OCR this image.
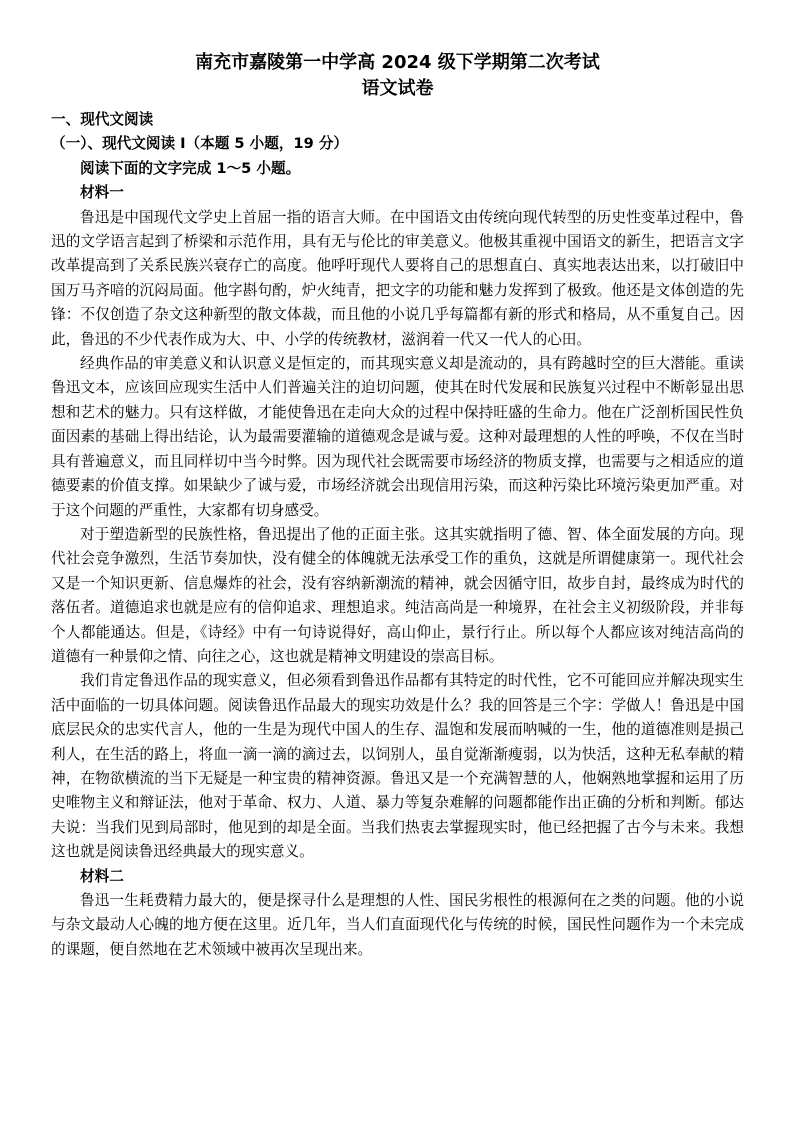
南充市嘉陵第一中学高 2024 级下学期第二次考试
语文试卷

一、现代文阅读

（一）、现代文阅读 I（本题 5 小题，19 分）

阅读下面的文字完成 1～5 小题。

材料一

鲁迅是中国现代文学史上首屈一指的语言大师。在中国语文由传统向现代转型的历史性变革过程中，鲁迅的文学语言起到了桥梁和示范作用，具有无与伦比的审美意义。他极其重视中国语文的新生，把语言文字改革提高到了关系民族兴衰存亡的高度。他呼吁现代人要将自己的思想直白、真实地表达出来，以打破旧中国万马齐喑的沉闷局面。他字斟句酌，炉火纯青，把文字的功能和魅力发挥到了极致。他还是文体创造的先锋：不仅创造了杂文这种新型的散文体裁，而且他的小说几乎每篇都有新的形式和格局，从不重复自己。因此，鲁迅的不少代表作成为大、中、小学的传统教材，滋润着一代又一代人的心田。

经典作品的审美意义和认识意义是恒定的，而其现实意义却是流动的，具有跨越时空的巨大潜能。重读鲁迅文本，应该回应现实生活中人们普遍关注的迫切问题，使其在时代发展和民族复兴过程中不断彰显出思想和艺术的魅力。只有这样做，才能使鲁迅在走向大众的过程中保持旺盛的生命力。他在广泛剖析国民性负面因素的基础上得出结论，认为最需要灌输的道德观念是诚与爱。这种对最理想的人性的呼唤，不仅在当时具有普遍意义，而且同样切中当今时弊。因为现代社会既需要市场经济的物质支撑，也需要与之相适应的道德要素的价值支撑。如果缺少了诚与爱，市场经济就会出现信用污染，而这种污染比环境污染更加严重。对于这个问题的严重性，大家都有切身感受。

对于塑造新型的民族性格，鲁迅提出了他的正面主张。这其实就指明了德、智、体全面发展的方向。现代社会竞争激烈，生活节奏加快，没有健全的体魄就无法承受工作的重负，这就是所谓健康第一。现代社会又是一个知识更新、信息爆炸的社会，没有容纳新潮流的精神，就会因循守旧，故步自封，最终成为时代的落伍者。道德追求也就是应有的信仰追求、理想追求。纯洁高尚是一种境界，在社会主义初级阶段，并非每个人都能通达。但是，《诗经》中有一句诗说得好，高山仰止，景行行止。所以每个人都应该对纯洁高尚的道德有一种景仰之情、向往之心，这也就是精神文明建设的崇高目标。

我们肯定鲁迅作品的现实意义，但必须看到鲁迅作品都有其特定的时代性，它不可能回应并解决现实生活中面临的一切具体问题。阅读鲁迅作品最大的现实功效是什么？我的回答是三个字：学做人！鲁迅是中国底层民众的忠实代言人，他的一生是为现代中国人的生存、温饱和发展而呐喊的一生，他的道德准则是损己利人，在生活的路上，将血一滴一滴的滴过去，以饲别人，虽自觉渐渐瘦弱，以为快活，这种无私奉献的精神，在物欲横流的当下无疑是一种宝贵的精神资源。鲁迅又是一个充满智慧的人，他娴熟地掌握和运用了历史唯物主义和辩证法，他对于革命、权力、人道、暴力等复杂难解的问题都能作出正确的分析和判断。郁达夫说：当我们见到局部时，他见到的却是全面。当我们热衷去掌握现实时，他已经把握了古今与未来。我想这也就是阅读鲁迅经典最大的现实意义。

材料二

鲁迅一生耗费精力最大的，便是探寻什么是理想的人性、国民劣根性的根源何在之类的问题。他的小说与杂文最动人心魄的地方便在这里。近几年，当人们直面现代化与传统的时候，国民性问题作为一个未完成的课题，便自然地在艺术领域中被再次呈现出来。
